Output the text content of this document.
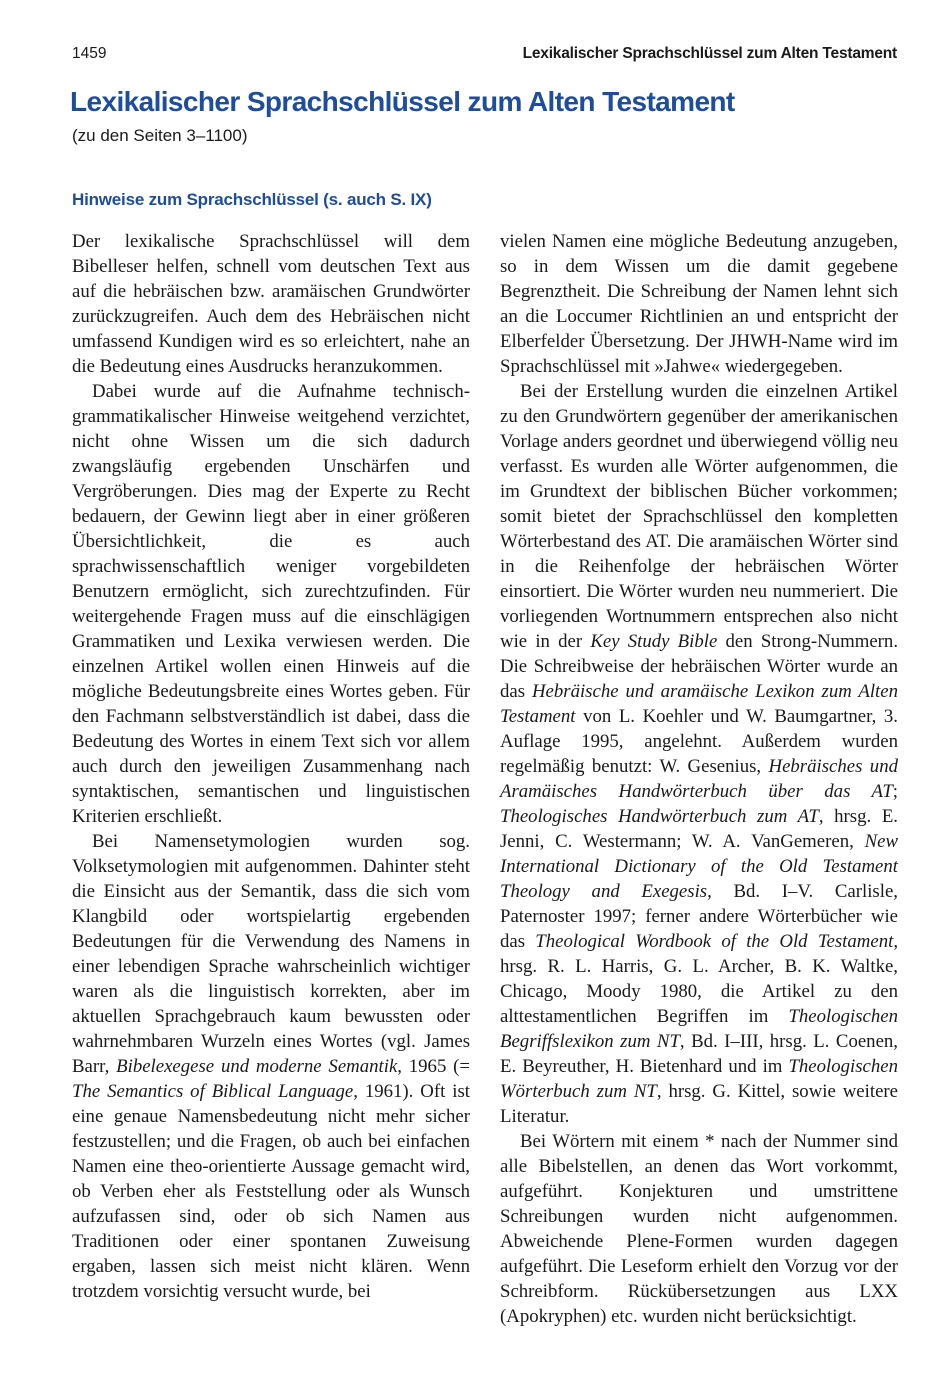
1459	Lexikalischer Sprachschlüssel zum Alten Testament
Lexikalischer Sprachschlüssel zum Alten Testament
(zu den Seiten 3–1100)
Hinweise zum Sprachschlüssel (s. auch S. IX)

Der lexikalische Sprachschlüssel will dem Bibelleser helfen, schnell vom deutschen Text aus auf die hebräischen bzw. aramäischen Grundwörter zurückzugreifen. Auch dem des Hebräischen nicht umfassend Kundigen wird es so erleichtert, nahe an die Bedeutung eines Ausdrucks heranzukommen.

Dabei wurde auf die Aufnahme technisch-grammatikalischer Hinweise weitgehend verzichtet, nicht ohne Wissen um die sich dadurch zwangsläufig ergebenden Unschärfen und Vergröberungen. Dies mag der Experte zu Recht bedauern, der Gewinn liegt aber in einer größeren Übersichtlichkeit, die es auch sprachwissenschaftlich weniger vorgebildeten Benutzern ermöglicht, sich zurechtzufinden. Für weitergehende Fragen muss auf die einschlägigen Grammatiken und Lexika verwiesen werden. Die einzelnen Artikel wollen einen Hinweis auf die mögliche Bedeutungsbreite eines Wortes geben. Für den Fachmann selbstverständlich ist dabei, dass die Bedeutung des Wortes in einem Text sich vor allem auch durch den jeweiligen Zusammenhang nach syntaktischen, semantischen und linguistischen Kriterien erschließt.

Bei Namensetymologien wurden sog. Volksetymologien mit aufgenommen. Dahinter steht die Einsicht aus der Semantik, dass die sich vom Klangbild oder wortspielartig ergebenden Bedeutungen für die Verwendung des Namens in einer lebendigen Sprache wahrscheinlich wichtiger waren als die linguistisch korrekten, aber im aktuellen Sprachgebrauch kaum bewussten oder wahrnehmbaren Wurzeln eines Wortes (vgl. James Barr, Bibelexegese und moderne Semantik, 1965 (= The Semantics of Biblical Language, 1961). Oft ist eine genaue Namensbedeutung nicht mehr sicher festzustellen; und die Fragen, ob auch bei einfachen Namen eine theo-orientierte Aussage gemacht wird, ob Verben eher als Feststellung oder als Wunsch aufzufassen sind, oder ob sich Namen aus Traditionen oder einer spontanen Zuweisung ergaben, lassen sich meist nicht klären. Wenn trotzdem vorsichtig versucht wurde, bei

vielen Namen eine mögliche Bedeutung anzugeben, so in dem Wissen um die damit gegebene Begrenztheit. Die Schreibung der Namen lehnt sich an die Loccumer Richtlinien an und entspricht der Elberfelder Übersetzung. Der JHWH-Name wird im Sprachschlüssel mit »Jahwe« wiedergegeben.

Bei der Erstellung wurden die einzelnen Artikel zu den Grundwörtern gegenüber der amerikanischen Vorlage anders geordnet und überwiegend völlig neu verfasst. Es wurden alle Wörter aufgenommen, die im Grundtext der biblischen Bücher vorkommen; somit bietet der Sprachschlüssel den kompletten Wörterbestand des AT. Die aramäischen Wörter sind in die Reihenfolge der hebräischen Wörter einsortiert. Die Wörter wurden neu nummeriert. Die vorliegenden Wortnummern entsprechen also nicht wie in der Key Study Bible den Strong-Nummern. Die Schreibweise der hebräischen Wörter wurde an das Hebräische und aramäische Lexikon zum Alten Testament von L. Koehler und W. Baumgartner, 3. Auflage 1995, angelehnt. Außerdem wurden regelmäßig benutzt: W. Gesenius, Hebräisches und Aramäisches Handwörterbuch über das AT; Theologisches Handwörterbuch zum AT, hrsg. E. Jenni, C. Westermann; W. A. VanGemeren, New International Dictionary of the Old Testament Theology and Exegesis, Bd. I–V. Carlisle, Paternoster 1997; ferner andere Wörterbücher wie das Theological Wordbook of the Old Testament, hrsg. R. L. Harris, G. L. Archer, B. K. Waltke, Chicago, Moody 1980, die Artikel zu den alttestamentlichen Begriffen im Theologischen Begriffslexikon zum NT, Bd. I–III, hrsg. L. Coenen, E. Beyreuther, H. Bietenhard und im Theologischen Wörterbuch zum NT, hrsg. G. Kittel, sowie weitere Literatur.

Bei Wörtern mit einem * nach der Nummer sind alle Bibelstellen, an denen das Wort vorkommt, aufgeführt. Konjekturen und umstrittene Schreibungen wurden nicht aufgenommen. Abweichende Plene-Formen wurden dagegen aufgeführt. Die Leseform erhielt den Vorzug vor der Schreibform. Rückübersetzungen aus LXX (Apokryphen) etc. wurden nicht berücksichtigt.
